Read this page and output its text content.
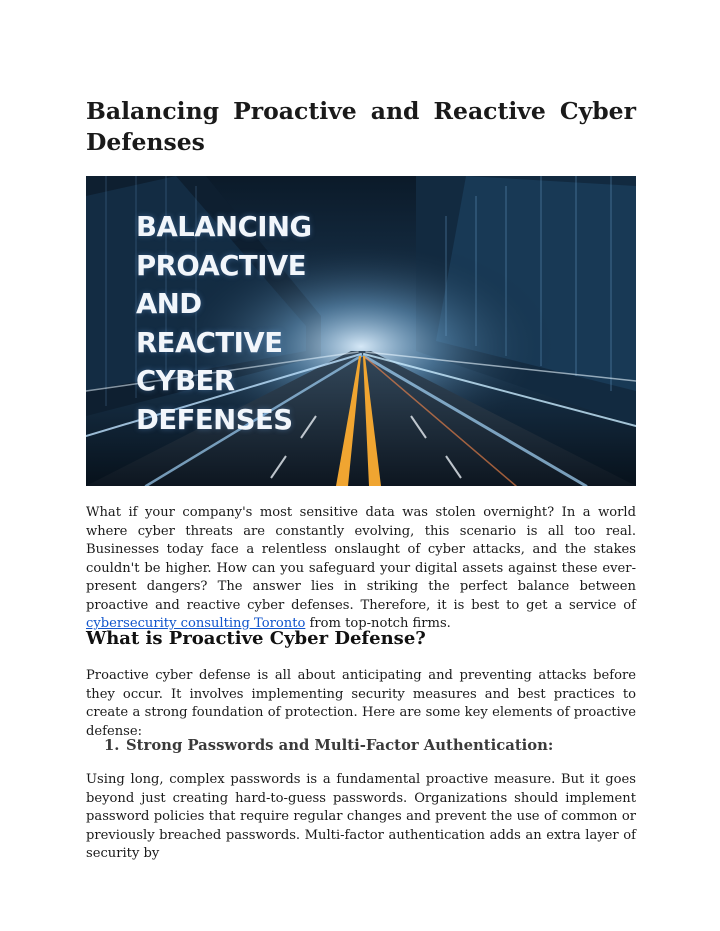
Balancing Proactive and Reactive Cyber
Defenses
BALANCING
PROACTIVE
AND
REACTIVE
CYBER
DEFENSES

What if your company's most sensitive data was stolen overnight? In a world where cyber threats are constantly evolving, this scenario is all too real. Businesses today face a relentless onslaught of cyber attacks, and the stakes couldn't be higher. How can you safeguard your digital assets against these ever-present dangers? The answer lies in striking the perfect balance between proactive and reactive cyber defenses. Therefore, it is best to get a service of cybersecurity consulting Toronto from top-notch firms.

What is Proactive Cyber Defense?

Proactive cyber defense is all about anticipating and preventing attacks before they occur. It involves implementing security measures and best practices to create a strong foundation of protection. Here are some key elements of proactive defense:

1. Strong Passwords and Multi-Factor Authentication:

Using long, complex passwords is a fundamental proactive measure. But it goes beyond just creating hard-to-guess passwords. Organizations should implement password policies that require regular changes and prevent the use of common or previously breached passwords. Multi-factor authentication adds an extra layer of security by
